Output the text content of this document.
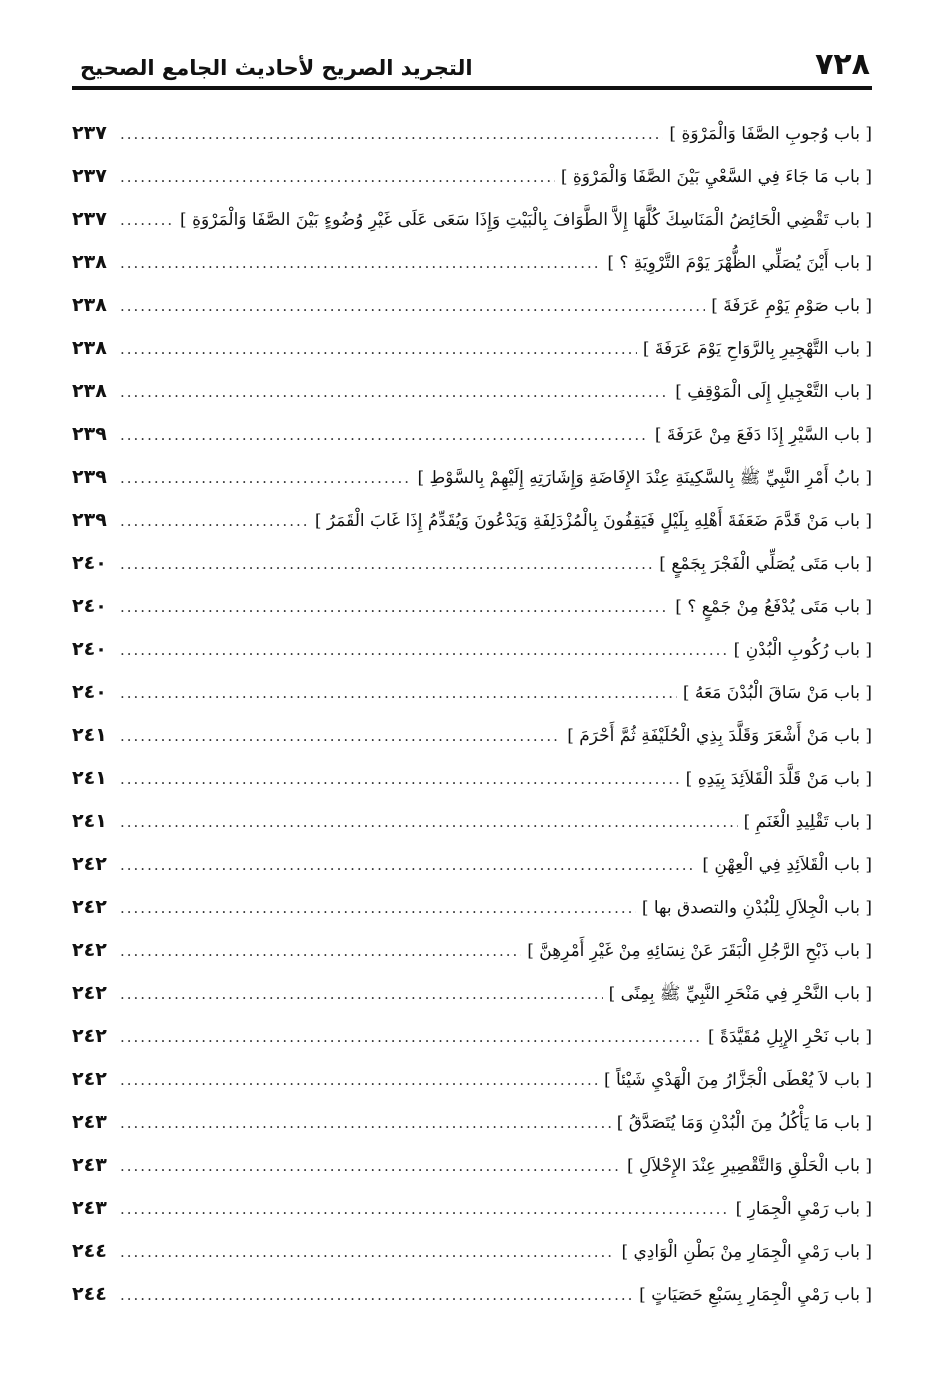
٧٢٨
التجريد الصريح لأحاديث الجامع الصحيح
[ باب وُجوبِ الصَّفَا وَالْمَرْوَةِ ]
.....
٢٣٧
[ باب مَا جَاءَ فِي السَّعْيِ بَيْنَ الصَّفَا وَالْمَرْوَةِ ]
.....
٢٣٧
[ باب تَقْضِي الْحَائِضُ الْمَنَاسِكَ كُلَّهَا إِلاَّ الطَّوَافَ بِالْبَيْتِ وَإِذَا سَعَى عَلَى غَيْرِ وُضُوءٍ بَيْنَ الصَّفَا وَالْمَرْوَةِ ]
.....
٢٣٧
[ باب أَيْنَ يُصَلِّي الظُّهْرَ يَوْمَ التَّرْوِيَةِ ؟ ]
.....
٢٣٨
[ باب صَوْمِ يَوْمِ عَرَفَةَ ]
.....
٢٣٨
[ باب التَّهْجِيرِ بِالرَّوَاحِ يَوْمَ عَرَفَةَ ]
.....
٢٣٨
[ باب التَّعْجِيلِ إِلَى الْمَوْقِفِ ]
.....
٢٣٨
[ باب السَّيْرِ إِذَا دَفَعَ مِنْ عَرَفَةَ ]
.....
٢٣٩
[ بابُ أَمْرِ النَّبِيِّ ﷺ بِالسَّكِينَةِ عِنْدَ الإِفَاضَةِ وَإِشَارَتِهِ إِلَيْهِمْ بِالسَّوْطِ ]
.....
٢٣٩
[ باب مَنْ قَدَّمَ ضَعَفَةَ أَهْلِهِ بِلَيْلٍ فَيَقِفُونَ بِالْمُزْدَلِفَةِ وَيَدْعُونَ وَيُقَدِّمُ إِذَا غَابَ الْقَمَرُ ]
.....
٢٣٩
[ باب مَتَى يُصَلِّي الْفَجْرَ بِجَمْعٍ ]
.....
٢٤٠
[ باب مَتَى يُدْفَعُ مِنْ جَمْعٍ ؟ ]
.....
٢٤٠
[ باب رُكُوبِ الْبُدْنِ ]
.....
٢٤٠
[ باب مَنْ سَاقَ الْبُدْنَ مَعَهُ ]
.....
٢٤٠
[ باب مَنْ أَشْعَرَ وَقَلَّدَ بِذِي الْحُلَيْفَةِ ثُمَّ أَحْرَمَ ]
.....
٢٤١
[ باب مَنْ قَلَّدَ الْقَلاَئِدَ بِيَدِهِ ]
.....
٢٤١
[ باب تَقْلِيدِ الْغَنَمِ ]
.....
٢٤١
[ باب الْقَلاَئِدِ فِي الْعِهْنِ ]
.....
٢٤٢
[ باب الْجِلاَلِ لِلْبُدْنِ والتصدق بها ]
.....
٢٤٢
[ باب ذَبْحِ الرَّجُلِ الْبَقَرَ عَنْ نِسَائِهِ مِنْ غَيْرِ أَمْرِهِنَّ ]
.....
٢٤٢
[ باب النَّحْرِ فِي مَنْحَرِ النَّبِيِّ ﷺ بِمِنًى ]
.....
٢٤٢
[ باب نَحْرِ الإِبِلِ مُقَيَّدَةً ]
.....
٢٤٢
[ باب لاَ يُعْطَى الْجَزَّارُ مِنَ الْهَدْيِ شَيْئاً ]
.....
٢٤٢
[ باب مَا يَأْكُلُ مِنَ الْبُدْنِ وَمَا يُتَصَدَّقُ ]
.....
٢٤٣
[ باب الْحَلْقِ وَالتَّقْصِيرِ عِنْدَ الإِحْلاَلِ ]
.....
٢٤٣
[ باب رَمْيِ الْجِمَارِ ]
.....
٢٤٣
[ باب رَمْيِ الْجِمَارِ مِنْ بَطْنِ الْوَادِي ]
.....
٢٤٤
[ باب رَمْيِ الْجِمَارِ بِسَبْعِ حَصَيَاتٍ ]
.....
٢٤٤
